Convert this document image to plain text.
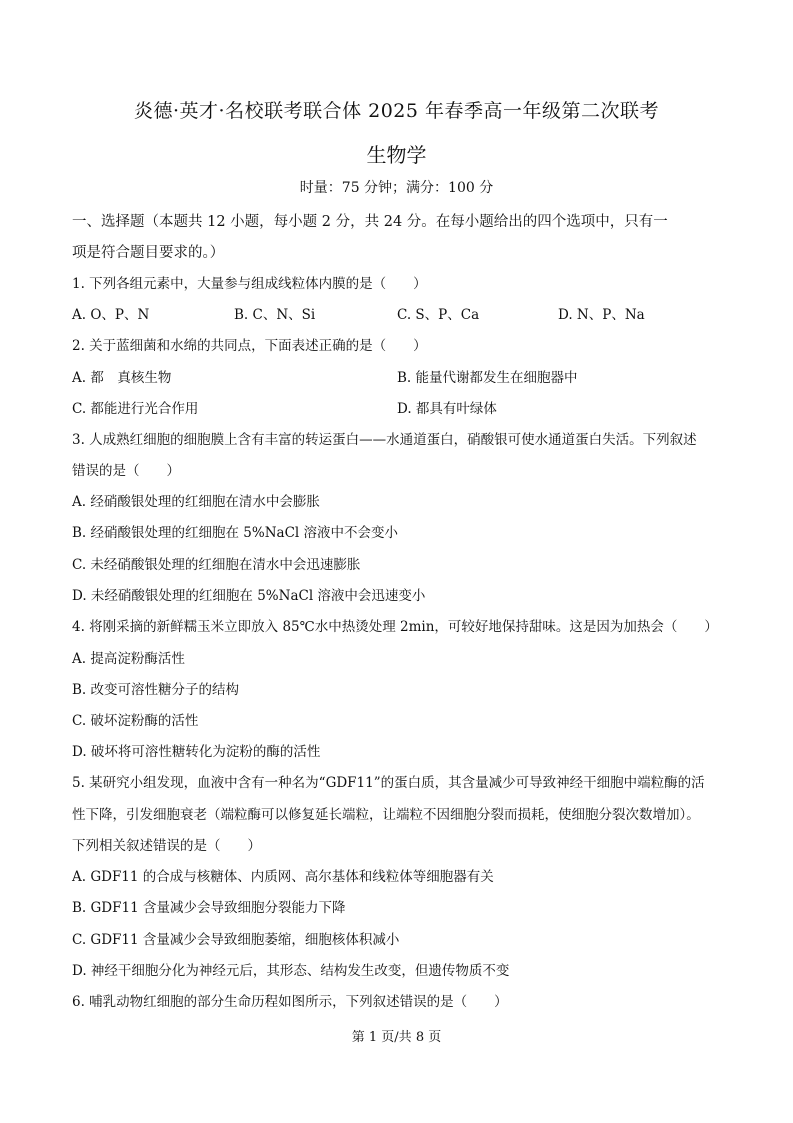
炎德·英才·名校联考联合体 2025 年春季高一年级第二次联考
生物学
时量：75 分钟；满分：100 分
一、选择题（本题共 12 小题，每小题 2 分，共 24 分。在每小题给出的四个选项中，只有一
项是符合题目要求的。）
1. 下列各组元素中，大量参与组成线粒体内膜的是（　　）
A. O、P、N	B. C、N、Si	C. S、P、Ca	D. N、P、Na
2. 关于蓝细菌和水绵的共同点，下面表述正确的是（　　）
A. 都　真核生物	B. 能量代谢都发生在细胞器中
C. 都能进行光合作用	D. 都具有叶绿体
3. 人成熟红细胞的细胞膜上含有丰富的转运蛋白——水通道蛋白，硝酸银可使水通道蛋白失活。下列叙述
错误的是（　　）
A. 经硝酸银处理的红细胞在清水中会膨胀
B. 经硝酸银处理的红细胞在 5%NaCl 溶液中不会变小
C. 未经硝酸银处理的红细胞在清水中会迅速膨胀
D. 未经硝酸银处理的红细胞在 5%NaCl 溶液中会迅速变小
4. 将刚采摘的新鲜糯玉米立即放入 85℃水中热烫处理 2min，可较好地保持甜味。这是因为加热会（　　）
A. 提高淀粉酶活性
B. 改变可溶性糖分子的结构
C. 破坏淀粉酶的活性
D. 破坏将可溶性糖转化为淀粉的酶的活性
5. 某研究小组发现，血液中含有一种名为“GDF11”的蛋白质，其含量减少可导致神经干细胞中端粒酶的活
性下降，引发细胞衰老（端粒酶可以修复延长端粒，让端粒不因细胞分裂而损耗，使细胞分裂次数增加）。
下列相关叙述错误的是（　　）
A. GDF11 的合成与核糖体、内质网、高尔基体和线粒体等细胞器有关
B. GDF11 含量减少会导致细胞分裂能力下降
C. GDF11 含量减少会导致细胞萎缩，细胞核体积减小
D. 神经干细胞分化为神经元后，其形态、结构发生改变，但遗传物质不变
6. 哺乳动物红细胞的部分生命历程如图所示，下列叙述错误的是（　　）
第 1 页/共 8 页
